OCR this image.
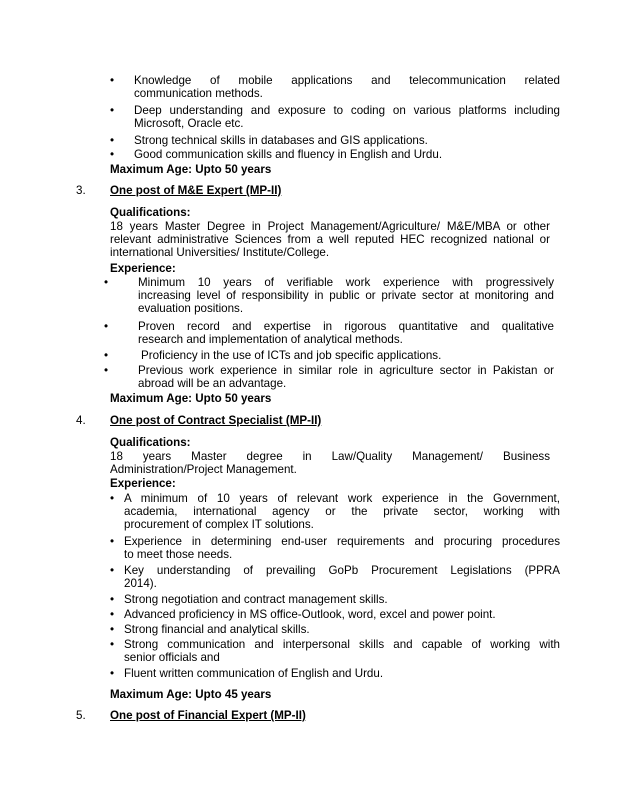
• Knowledge of mobile applications and telecommunication related
communication methods.
• Deep understanding and exposure to coding on various platforms including
Microsoft, Oracle etc.
• Strong technical skills in databases and GIS applications.
• Good communication skills and fluency in English and Urdu.
Maximum Age: Upto 50 years
3. One post of M&E Expert (MP-II)
Qualifications:
18 years Master Degree in Project Management/Agriculture/ M&E/MBA or other
relevant administrative Sciences from a well reputed HEC recognized national or
international Universities/ Institute/College.
Experience:
•	Minimum 10 years of verifiable work experience with progressively
increasing level of responsibility in public or private sector at monitoring and
evaluation positions.
•	Proven record and expertise in rigorous quantitative and qualitative
research and implementation of analytical methods.
•	Proficiency in the use of ICTs and job specific applications.
•	Previous work experience in similar role in agriculture sector in Pakistan or
abroad will be an advantage.
Maximum Age: Upto 50 years
4. One post of Contract Specialist (MP-II)
Qualifications:
18 years Master degree in Law/Quality Management/ Business
Administration/Project Management.
Experience:
• A minimum of 10 years of relevant work experience in the Government,
academia, international agency or the private sector, working with
procurement of complex IT solutions.
• Experience in determining end-user requirements and procuring procedures
to meet those needs.
• Key understanding of prevailing GoPb Procurement Legislations (PPRA
2014).
• Strong negotiation and contract management skills.
• Advanced proficiency in MS office-Outlook, word, excel and power point.
• Strong financial and analytical skills.
• Strong communication and interpersonal skills and capable of working with
senior officials and
• Fluent written communication of English and Urdu.
Maximum Age: Upto 45 years
5. One post of Financial Expert (MP-II)
